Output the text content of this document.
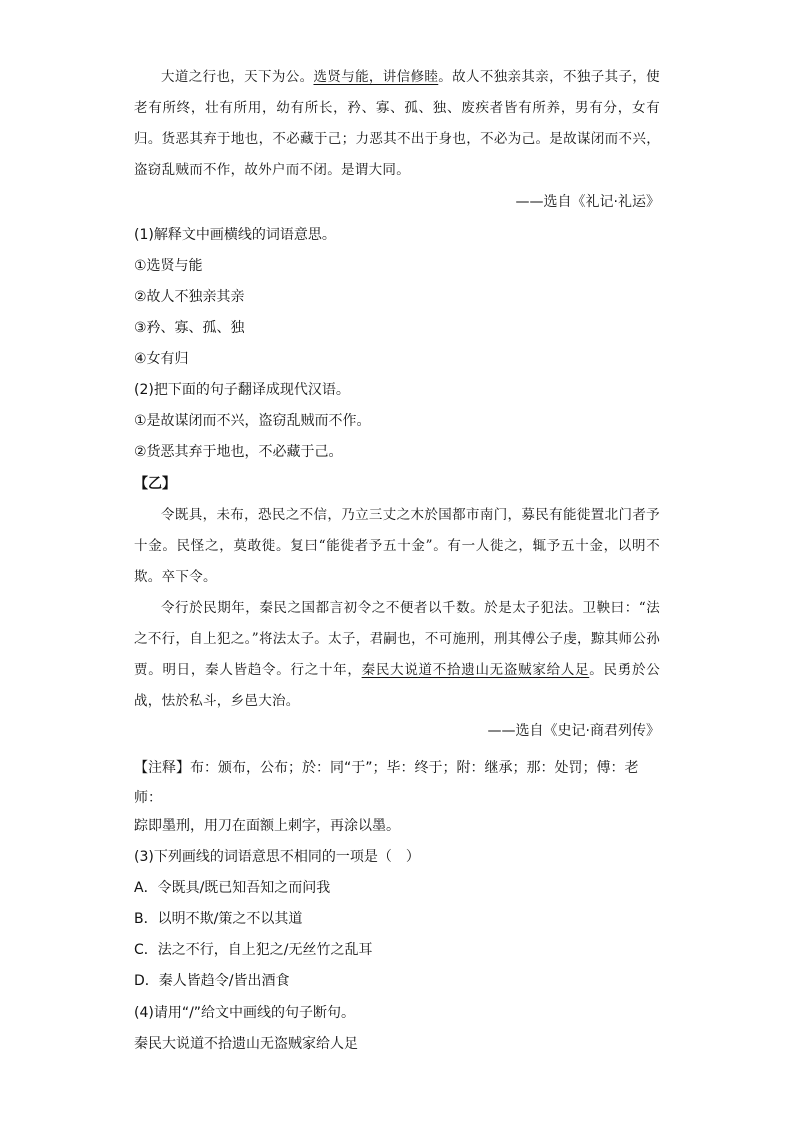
大道之行也，天下为公。选贤与能，讲信修睦。故人不独亲其亲，不独子其子，使老有所终，壮有所用，幼有所长，矜、寡、孤、独、废疾者皆有所养，男有分，女有归。货恶其弃于地也，不必藏于己；力恶其不出于身也，不必为己。是故谋闭而不兴，盗窃乱贼而不作，故外户而不闭。是谓大同。
——选自《礼记·礼运》
(1)解释文中画横线的词语意思。
①选贤与能
②故人不独亲其亲
③矜、寡、孤、独
④女有归
(2)把下面的句子翻译成现代汉语。
①是故谋闭而不兴，盗窃乱贼而不作。
②货恶其弃于地也，不必藏于己。
【乙】
令既具，未布，恐民之不信，乃立三丈之木於国都市南门，募民有能徙置北门者予十金。民怪之，莫敢徙。复曰“能徙者予五十金”。有一人徙之，辄予五十金，以明不欺。卒下令。
令行於民期年，秦民之国都言初令之不便者以千数。於是太子犯法。卫鞅曰：“法之不行，自上犯之。”将法太子。太子，君嗣也，不可施刑，刑其傅公子虔，黥其师公孙贾。明日，秦人皆趋令。行之十年，秦民大说道不拾遗山无盗贼家给人足。民勇於公战，怯於私斗，乡邑大治。
——选自《史记·商君列传》
【注释】布：颁布，公布；於：同“于”；毕：终于；附：继承；那：处罚；傅：老师：
踪即墨刑，用刀在面额上刺字，再涂以墨。
(3)下列画线的词语意思不相同的一项是（　）
A．令既具/既已知吾知之而问我
B．以明不欺/策之不以其道
C．法之不行，自上犯之/无丝竹之乱耳
D．秦人皆趋令/皆出酒食
(4)请用“/”给文中画线的句子断句。
秦民大说道不拾遗山无盗贼家给人足
